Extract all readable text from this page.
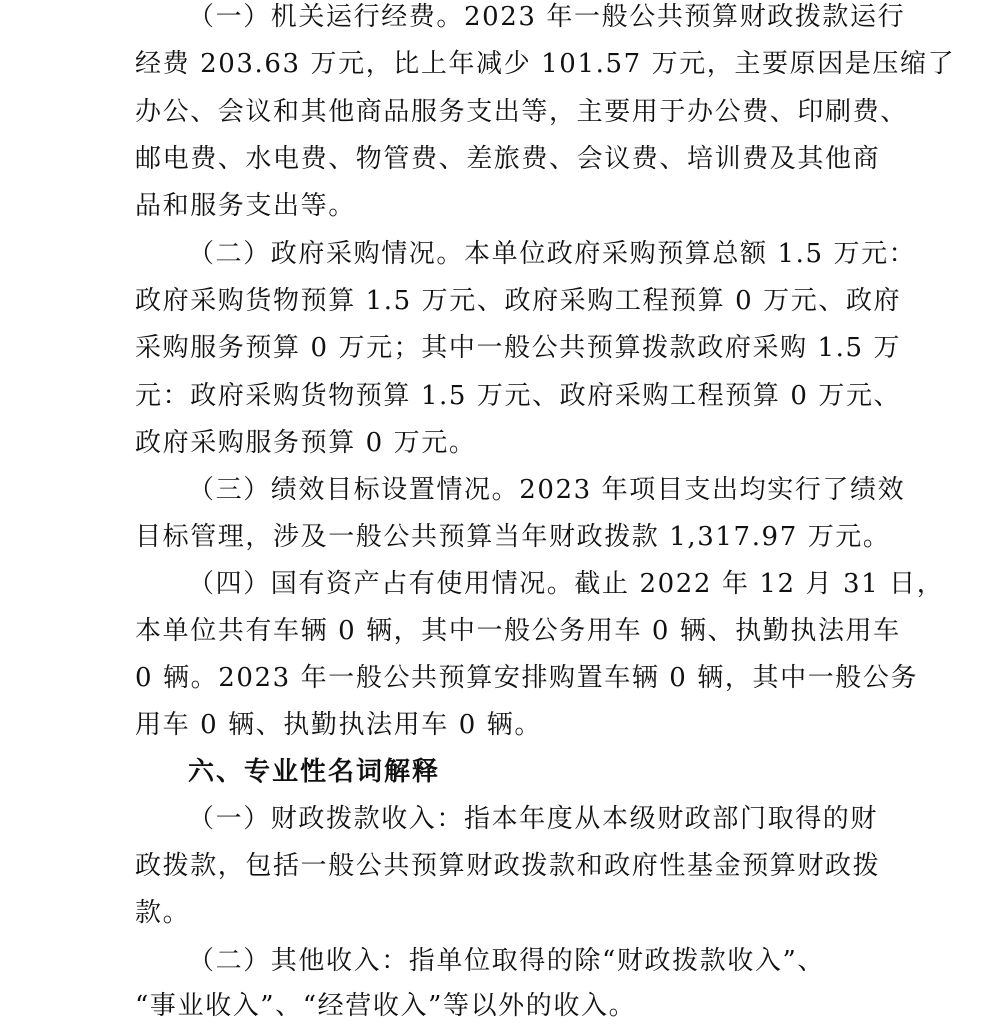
（一）机关运行经费。2023 年一般公共预算财政拨款运行
经费 203.63 万元，比上年减少 101.57 万元，主要原因是压缩了
办公、会议和其他商品服务支出等，主要用于办公费、印刷费、
邮电费、水电费、物管费、差旅费、会议费、培训费及其他商
品和服务支出等。
（二）政府采购情况。本单位政府采购预算总额 1.5 万元：
政府采购货物预算 1.5 万元、政府采购工程预算 0 万元、政府
采购服务预算 0 万元；其中一般公共预算拨款政府采购 1.5 万
元：政府采购货物预算 1.5 万元、政府采购工程预算 0 万元、
政府采购服务预算 0 万元。
（三）绩效目标设置情况。2023 年项目支出均实行了绩效
目标管理，涉及一般公共预算当年财政拨款 1,317.97 万元。
（四）国有资产占有使用情况。截止 2022 年 12 月 31 日，
本单位共有车辆 0 辆，其中一般公务用车 0 辆、执勤执法用车
0 辆。2023 年一般公共预算安排购置车辆 0 辆，其中一般公务
用车 0 辆、执勤执法用车 0 辆。
六、专业性名词解释
（一）财政拨款收入：指本年度从本级财政部门取得的财
政拨款，包括一般公共预算财政拨款和政府性基金预算财政拨
款。
（二）其他收入：指单位取得的除“财政拨款收入”、
“事业收入”、“经营收入”等以外的收入。
